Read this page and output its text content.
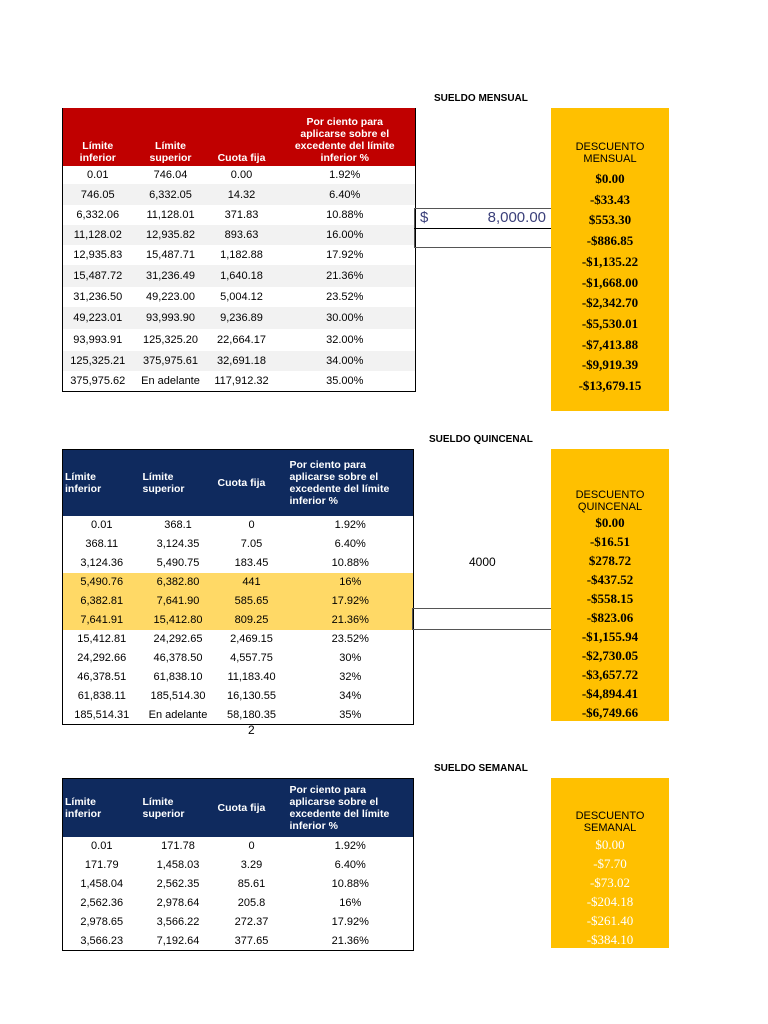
SUELDO MENSUAL
Límite inferior	Límite superior	Cuota fija	Por ciento para aplicarse sobre el excedente del límite inferior %
0.01	746.04	0.00	1.92%
746.05	6,332.05	14.32	6.40%
6,332.06	11,128.01	371.83	10.88%
11,128.02	12,935.82	893.63	16.00%
12,935.83	15,487.71	1,182.88	17.92%
15,487.72	31,236.49	1,640.18	21.36%
31,236.50	49,223.00	5,004.12	23.52%
49,223.01	93,993.90	9,236.89	30.00%
93,993.91	125,325.20	22,664.17	32.00%
125,325.21	375,975.61	32,691.18	34.00%
375,975.62	En adelante	117,912.32	35.00%
$	8,000.00
DESCUENTO MENSUAL
$0.00
-$33.43
$553.30
-$886.85
-$1,135.22
-$1,668.00
-$2,342.70
-$5,530.01
-$7,413.88
-$9,919.39
-$13,679.15
SUELDO QUINCENAL
Límite inferior	Límite superior	Cuota fija	Por ciento para aplicarse sobre el excedente del límite inferior %
0.01	368.1	0	1.92%
368.11	3,124.35	7.05	6.40%
3,124.36	5,490.75	183.45	10.88%
5,490.76	6,382.80	441	16%
6,382.81	7,641.90	585.65	17.92%
7,641.91	15,412.80	809.25	21.36%
15,412.81	24,292.65	2,469.15	23.52%
24,292.66	46,378.50	4,557.75	30%
46,378.51	61,838.10	11,183.40	32%
61,838.11	185,514.30	16,130.55	34%
185,514.31	En adelante	58,180.35	35%
4000
2
DESCUENTO QUINCENAL
$0.00
-$16.51
$278.72
-$437.52
-$558.15
-$823.06
-$1,155.94
-$2,730.05
-$3,657.72
-$4,894.41
-$6,749.66
SUELDO SEMANAL
Límite inferior	Límite superior	Cuota fija	Por ciento para aplicarse sobre el excedente del límite inferior %
0.01	171.78	0	1.92%
171.79	1,458.03	3.29	6.40%
1,458.04	2,562.35	85.61	10.88%
2,562.36	2,978.64	205.8	16%
2,978.65	3,566.22	272.37	17.92%
3,566.23	7,192.64	377.65	21.36%
DESCUENTO SEMANAL
$0.00
-$7.70
-$73.02
-$204.18
-$261.40
-$384.10
